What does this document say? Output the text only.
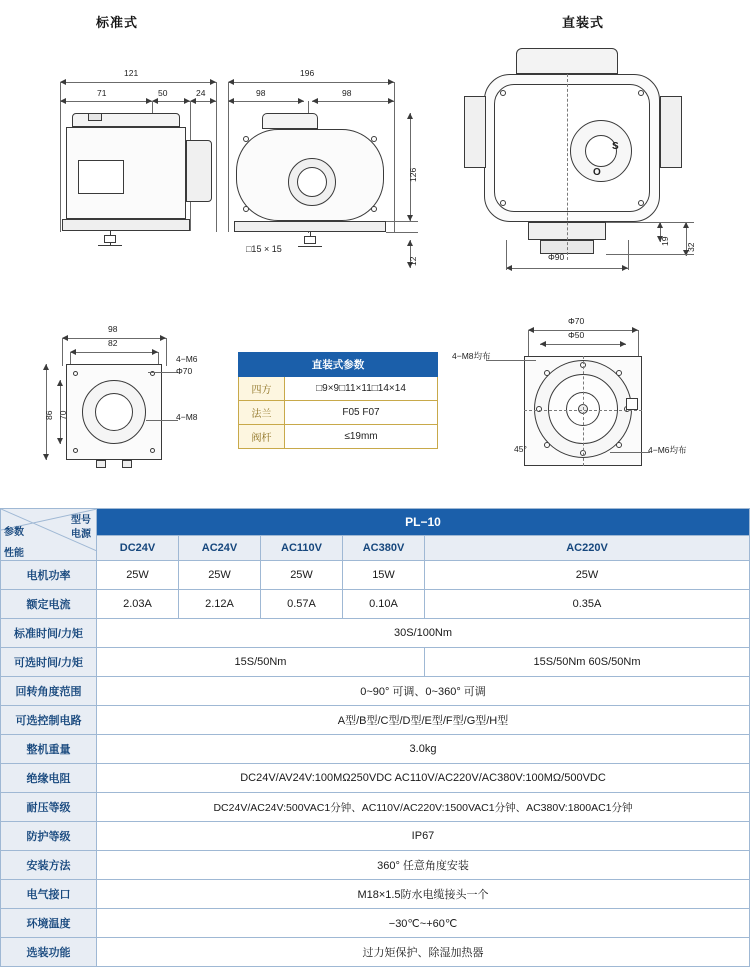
标准式	直装式
121
71	50	24
196
98	98
126
12
□15 × 15
S
O
Φ90
19
32
98
82
86 70
4−M6
Φ70
4−M8
直装式参数	
四方	□9×9□11×11□14×14
法兰	F05 F07
阀杆	≤19mm
Φ70
Φ50
4−M8均布
4−M6均布
45°
型号
参数 电源
性能	PL−10				
	DC24V	AC24V	AC110V	AC380V	AC220V
电机功率	25W	25W	25W	15W	25W
额定电流	2.03A	2.12A	0.57A	0.10A	0.35A
标准时间/力矩	30S/100Nm				
可选时间/力矩	15S/50Nm				15S/50Nm 60S/50Nm
回转角度范围	0~90° 可调、0~360° 可调				
可选控制电路	A型/B型/C型/D型/E型/F型/G型/H型				
整机重量	3.0kg				
绝缘电阻	DC24V/AV24V:100MΩ250VDC AC110V/AC220V/AC380V:100MΩ/500VDC				
耐压等级	DC24V/AC24V:500VAC1分钟、AC110V/AC220V:1500VAC1分钟、AC380V:1800AC1分钟				
防护等级	IP67				
安装方法	360° 任意角度安装				
电气接口	M18×1.5防水电缆接头一个				
环境温度	−30℃~+60℃				
选装功能	过力矩保护、除湿加热器				
